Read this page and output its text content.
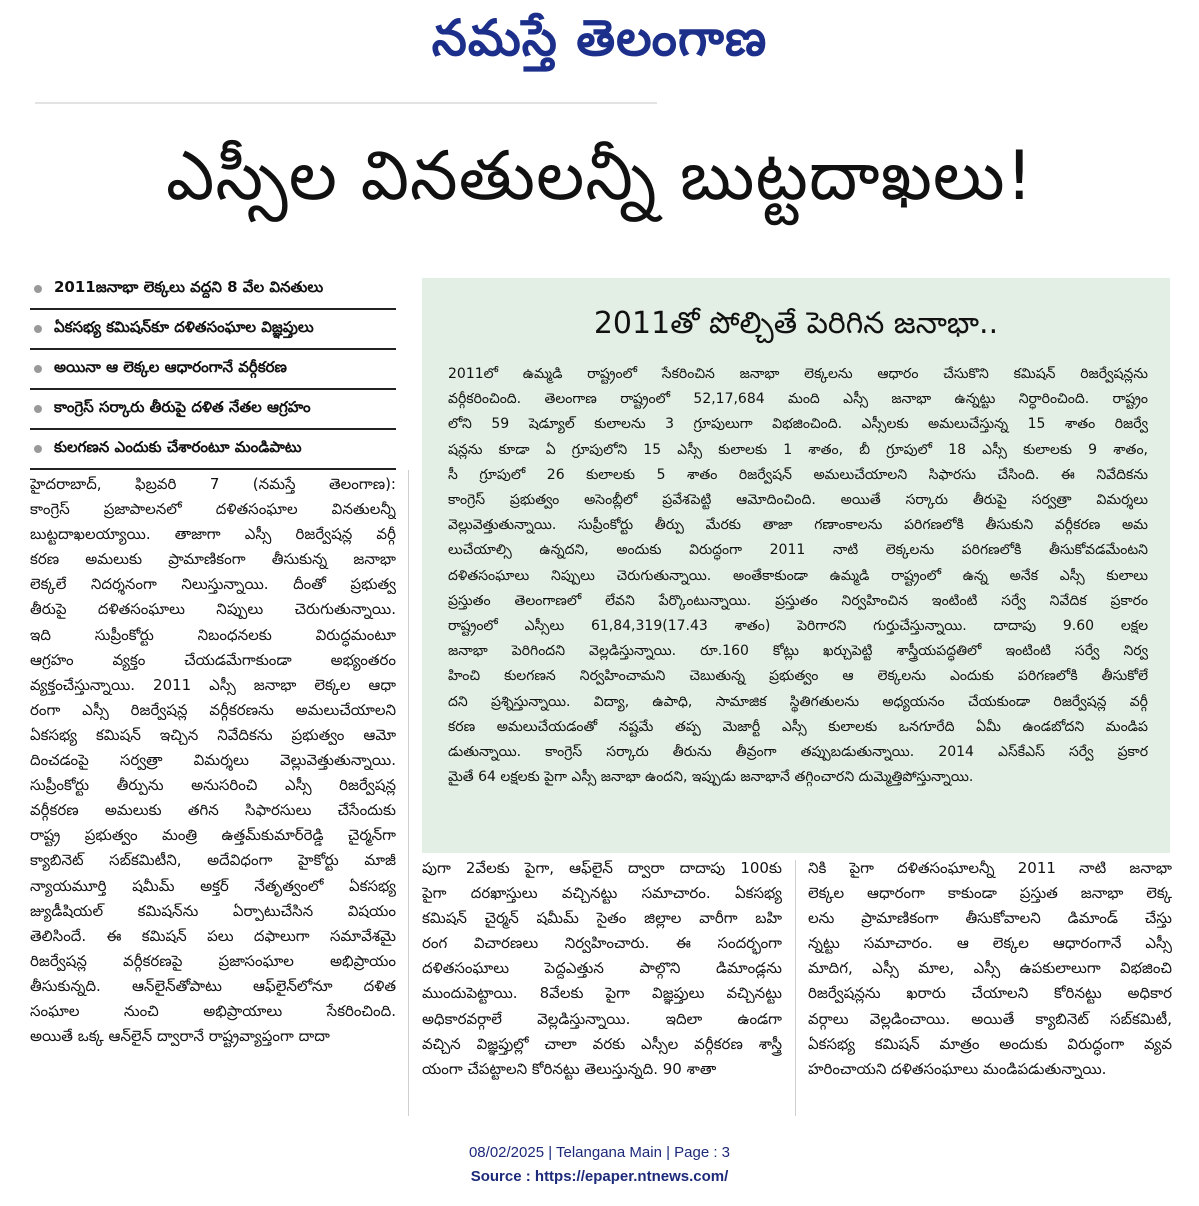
నమస్తే తెలంగాణ
ఎస్సీల వినతులన్నీ బుట్టదాఖలు!
2011జనాభా లెక్కలు వద్దని 8 వేల వినతులు
ఏకసభ్య కమిషన్‌కూ దళితసంఘాల విజ్ఞప్తులు
అయినా ఆ లెక్కల ఆధారంగానే వర్గీకరణ
కాంగ్రెస్ సర్కారు తీరుపై దళిత నేతల ఆగ్రహం
కులగణన ఎందుకు చేశారంటూ మండిపాటు

హైదరాబాద్, ఫిబ్రవరి 7 (నమస్తే తెలంగాణ):

కాంగ్రెస్ ప్రజాపాలనలో దళితసంఘాల వినతులన్నీ

బుట్టదాఖలయ్యాయి. తాజాగా ఎస్సీ రిజర్వేషన్ల వర్గీ

కరణ అమలుకు ప్రామాణికంగా తీసుకున్న జనాభా

లెక్కలే నిదర్శనంగా నిలుస్తున్నాయి. దీంతో ప్రభుత్వ

తీరుపై దళితసంఘాలు నిప్పులు చెరుగుతున్నాయి.

ఇది సుప్రీంకోర్టు నిబంధనలకు విరుద్ధమంటూ

ఆగ్రహం వ్యక్తం చేయడమేగాకుండా అభ్యంతరం

వ్యక్తంచేస్తున్నాయి. 2011 ఎస్సీ జనాభా లెక్కల ఆధా

రంగా ఎస్సీ రిజర్వేషన్ల వర్గీకరణను అమలుచేయాలని

ఏకసభ్య కమిషన్ ఇచ్చిన నివేదికను ప్రభుత్వం ఆమో

దించడంపై సర్వత్రా విమర్శలు వెల్లువెత్తుతున్నాయి.

సుప్రీంకోర్టు తీర్పును అనుసరించి ఎస్సీ రిజర్వేషన్ల

వర్గీకరణ అమలుకు తగిన సిఫారసులు చేసేందుకు

రాష్ట్ర ప్రభుత్వం మంత్రి ఉత్తమ్‌కుమార్‌రెడ్డి చైర్మన్‌గా

క్యాబినెట్ సబ్‌కమిటీని, అదేవిధంగా హైకోర్టు మాజీ

న్యాయమూర్తి షమీమ్ అక్తర్ నేతృత్వంలో ఏకసభ్య

జ్యుడీషియల్ కమిషన్‌ను ఏర్పాటుచేసిన విషయం

తెలిసిందే. ఈ కమిషన్ పలు దఫాలుగా సమావేశమై

రిజర్వేషన్ల వర్గీకరణపై ప్రజాసంఘాల అభిప్రాయం

తీసుకున్నది. ఆన్‌లైన్‌తోపాటు ఆఫ్‌లైన్‌లోనూ దళిత

సంఘాల నుంచి అభిప్రాయాలు సేకరించింది.

అయితే ఒక్క ఆన్‌లైన్ ద్వారానే రాష్ట్రవ్యాప్తంగా దాదా

2011తో పోల్చితే పెరిగిన జనాభా..

2011లో ఉమ్మడి రాష్ట్రంలో సేకరించిన జనాభా లెక్కలను ఆధారం చేసుకొని కమిషన్ రిజర్వేషన్లను

వర్గీకరించింది. తెలంగాణ రాష్ట్రంలో 52,17,684 మంది ఎస్సీ జనాభా ఉన్నట్టు నిర్ధారించింది. రాష్ట్రం

లోని 59 షెడ్యూల్ కులాలను 3 గ్రూపులుగా విభజించింది. ఎస్సీలకు అమలుచేస్తున్న 15 శాతం రిజర్వే

షన్లను కూడా ఏ గ్రూపులోని 15 ఎస్సీ కులాలకు 1 శాతం, బీ గ్రూపులో 18 ఎస్సీ కులాలకు 9 శాతం,

సీ గ్రూపులో 26 కులాలకు 5 శాతం రిజర్వేషన్ అమలుచేయాలని సిఫారసు చేసింది. ఈ నివేదికను

కాంగ్రెస్ ప్రభుత్వం అసెంబ్లీలో ప్రవేశపెట్టి ఆమోదించింది. అయితే సర్కారు తీరుపై సర్వత్రా విమర్శలు

వెల్లువెత్తుతున్నాయి. సుప్రీంకోర్టు తీర్పు మేరకు తాజా గణాంకాలను పరిగణలోకి తీసుకుని వర్గీకరణ అమ

లుచేయాల్సి ఉన్నదని, అందుకు విరుద్ధంగా 2011 నాటి లెక్కలను పరిగణలోకి తీసుకోవడమేంటని

దళితసంఘాలు నిప్పులు చెరుగుతున్నాయి. అంతేకాకుండా ఉమ్మడి రాష్ట్రంలో ఉన్న అనేక ఎస్సీ కులాలు

ప్రస్తుతం తెలంగాణలో లేవని పేర్కొంటున్నాయి. ప్రస్తుతం నిర్వహించిన ఇంటింటి సర్వే నివేదిక ప్రకారం

రాష్ట్రంలో ఎస్సీలు 61,84,319(17.43 శాతం) పెరిగారని గుర్తుచేస్తున్నాయి. దాదాపు 9.60 లక్షల

జనాభా పెరిగిందని వెల్లడిస్తున్నాయి. రూ.160 కోట్లు ఖర్చుపెట్టి శాస్త్రీయపద్ధతిలో ఇంటింటి సర్వే నిర్వ

హించి కులగణన నిర్వహించామని చెబుతున్న ప్రభుత్వం ఆ లెక్కలను ఎందుకు పరిగణలోకి తీసుకోలే

దని ప్రశ్నిస్తున్నాయి. విద్యా, ఉపాధి, సామాజిక స్థితిగతులను అధ్యయనం చేయకుండా రిజర్వేషన్ల వర్గీ

కరణ అమలుచేయడంతో నష్టమే తప్ప మెజార్టీ ఎస్సీ కులాలకు ఒనగూరేది ఏమీ ఉండబోదని మండిప

డుతున్నాయి. కాంగ్రెస్ సర్కారు తీరును తీవ్రంగా తప్పుబడుతున్నాయి. 2014 ఎస్‌కేఎస్ సర్వే ప్రకార

మైతే 64 లక్షలకు పైగా ఎస్సీ జనాభా ఉందని, ఇప్పుడు జనాభానే తగ్గించారని దుమ్మెత్తిపోస్తున్నాయి.

పుగా 2వేలకు పైగా, ఆఫ్‌లైన్ ద్వారా దాదాపు 100కు

పైగా దరఖాస్తులు వచ్చినట్టు సమాచారం. ఏకసభ్య

కమిషన్ చైర్మన్ షమీమ్ సైతం జిల్లాల వారీగా బహి

రంగ విచారణలు నిర్వహించారు. ఈ సందర్భంగా

దళితసంఘాలు పెద్దఎత్తున పాల్గొని డిమాండ్లను

ముందుపెట్టాయి. 8వేలకు పైగా విజ్ఞప్తులు వచ్చినట్టు

అధికారవర్గాలే వెల్లడిస్తున్నాయి. ఇదిలా ఉండగా

వచ్చిన విజ్ఞప్తుల్లో చాలా వరకు ఎస్సీల వర్గీకరణ శాస్త్రీ

యంగా చేపట్టాలని కోరినట్టు తెలుస్తున్నది. 90 శాతా

నికి పైగా దళితసంఘాలన్నీ 2011 నాటి జనాభా

లెక్కల ఆధారంగా కాకుండా ప్రస్తుత జనాభా లెక్క

లను ప్రామాణికంగా తీసుకోవాలని డిమాండ్ చేస్తు

న్నట్టు సమాచారం. ఆ లెక్కల ఆధారంగానే ఎస్సీ

మాదిగ, ఎస్సీ మాల, ఎస్సీ ఉపకులాలుగా విభజించి

రిజర్వేషన్లను ఖరారు చేయాలని కోరినట్టు అధికార

వర్గాలు వెల్లడించాయి. అయితే క్యాబినెట్ సబ్‌కమిటీ,

ఏకసభ్య కమిషన్ మాత్రం అందుకు విరుద్ధంగా వ్యవ

హరించాయని దళితసంఘాలు మండిపడుతున్నాయి.

08/02/2025 | Telangana Main | Page : 3
Source : https://epaper.ntnews.com/
